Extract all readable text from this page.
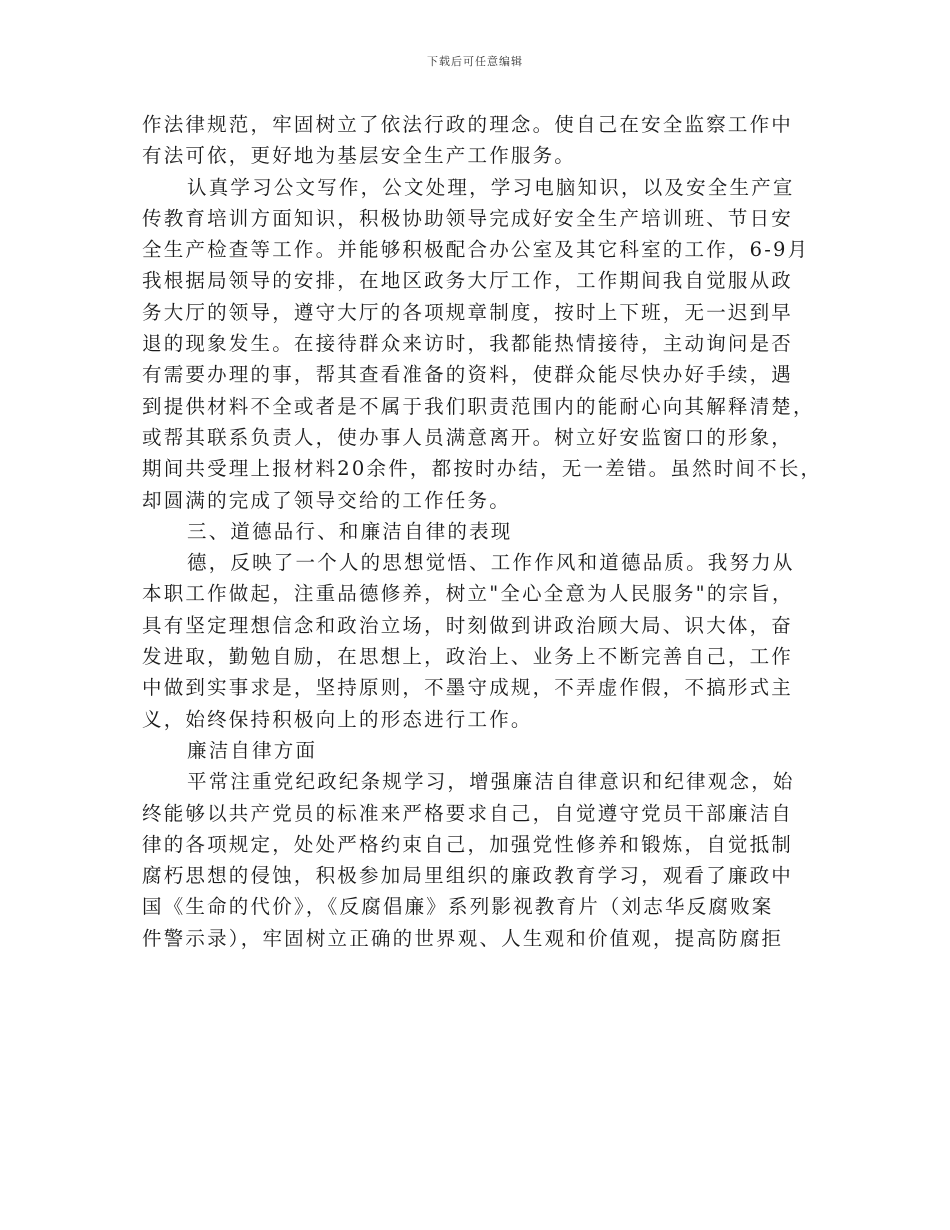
下载后可任意编辑
作法律规范，牢固树立了依法行政的理念。使自己在安全监察工作中
有法可依，更好地为基层安全生产工作服务。
认真学习公文写作，公文处理，学习电脑知识，以及安全生产宣
传教育培训方面知识，积极协助领导完成好安全生产培训班、节日安
全生产检查等工作。并能够积极配合办公室及其它科室的工作，6-9月
我根据局领导的安排，在地区政务大厅工作，工作期间我自觉服从政
务大厅的领导，遵守大厅的各项规章制度，按时上下班，无一迟到早
退的现象发生。在接待群众来访时，我都能热情接待，主动询问是否
有需要办理的事，帮其查看准备的资料，使群众能尽快办好手续，遇
到提供材料不全或者是不属于我们职责范围内的能耐心向其解释清楚，
或帮其联系负责人，使办事人员满意离开。树立好安监窗口的形象，
期间共受理上报材料20余件，都按时办结，无一差错。虽然时间不长，
却圆满的完成了领导交给的工作任务。
三、道德品行、和廉洁自律的表现
德，反映了一个人的思想觉悟、工作作风和道德品质。我努力从
本职工作做起，注重品德修养，树立"全心全意为人民服务"的宗旨，
具有坚定理想信念和政治立场，时刻做到讲政治顾大局、识大体，奋
发进取，勤勉自励，在思想上，政治上、业务上不断完善自己，工作
中做到实事求是，坚持原则，不墨守成规，不弄虚作假，不搞形式主
义，始终保持积极向上的形态进行工作。
廉洁自律方面
平常注重党纪政纪条规学习，增强廉洁自律意识和纪律观念，始
终能够以共产党员的标准来严格要求自己，自觉遵守党员干部廉洁自
律的各项规定，处处严格约束自己，加强党性修养和锻炼，自觉抵制
腐朽思想的侵蚀，积极参加局里组织的廉政教育学习，观看了廉政中
国《生命的代价》，《反腐倡廉》系列影视教育片（刘志华反腐败案
件警示录），牢固树立正确的世界观、人生观和价值观，提高防腐拒
